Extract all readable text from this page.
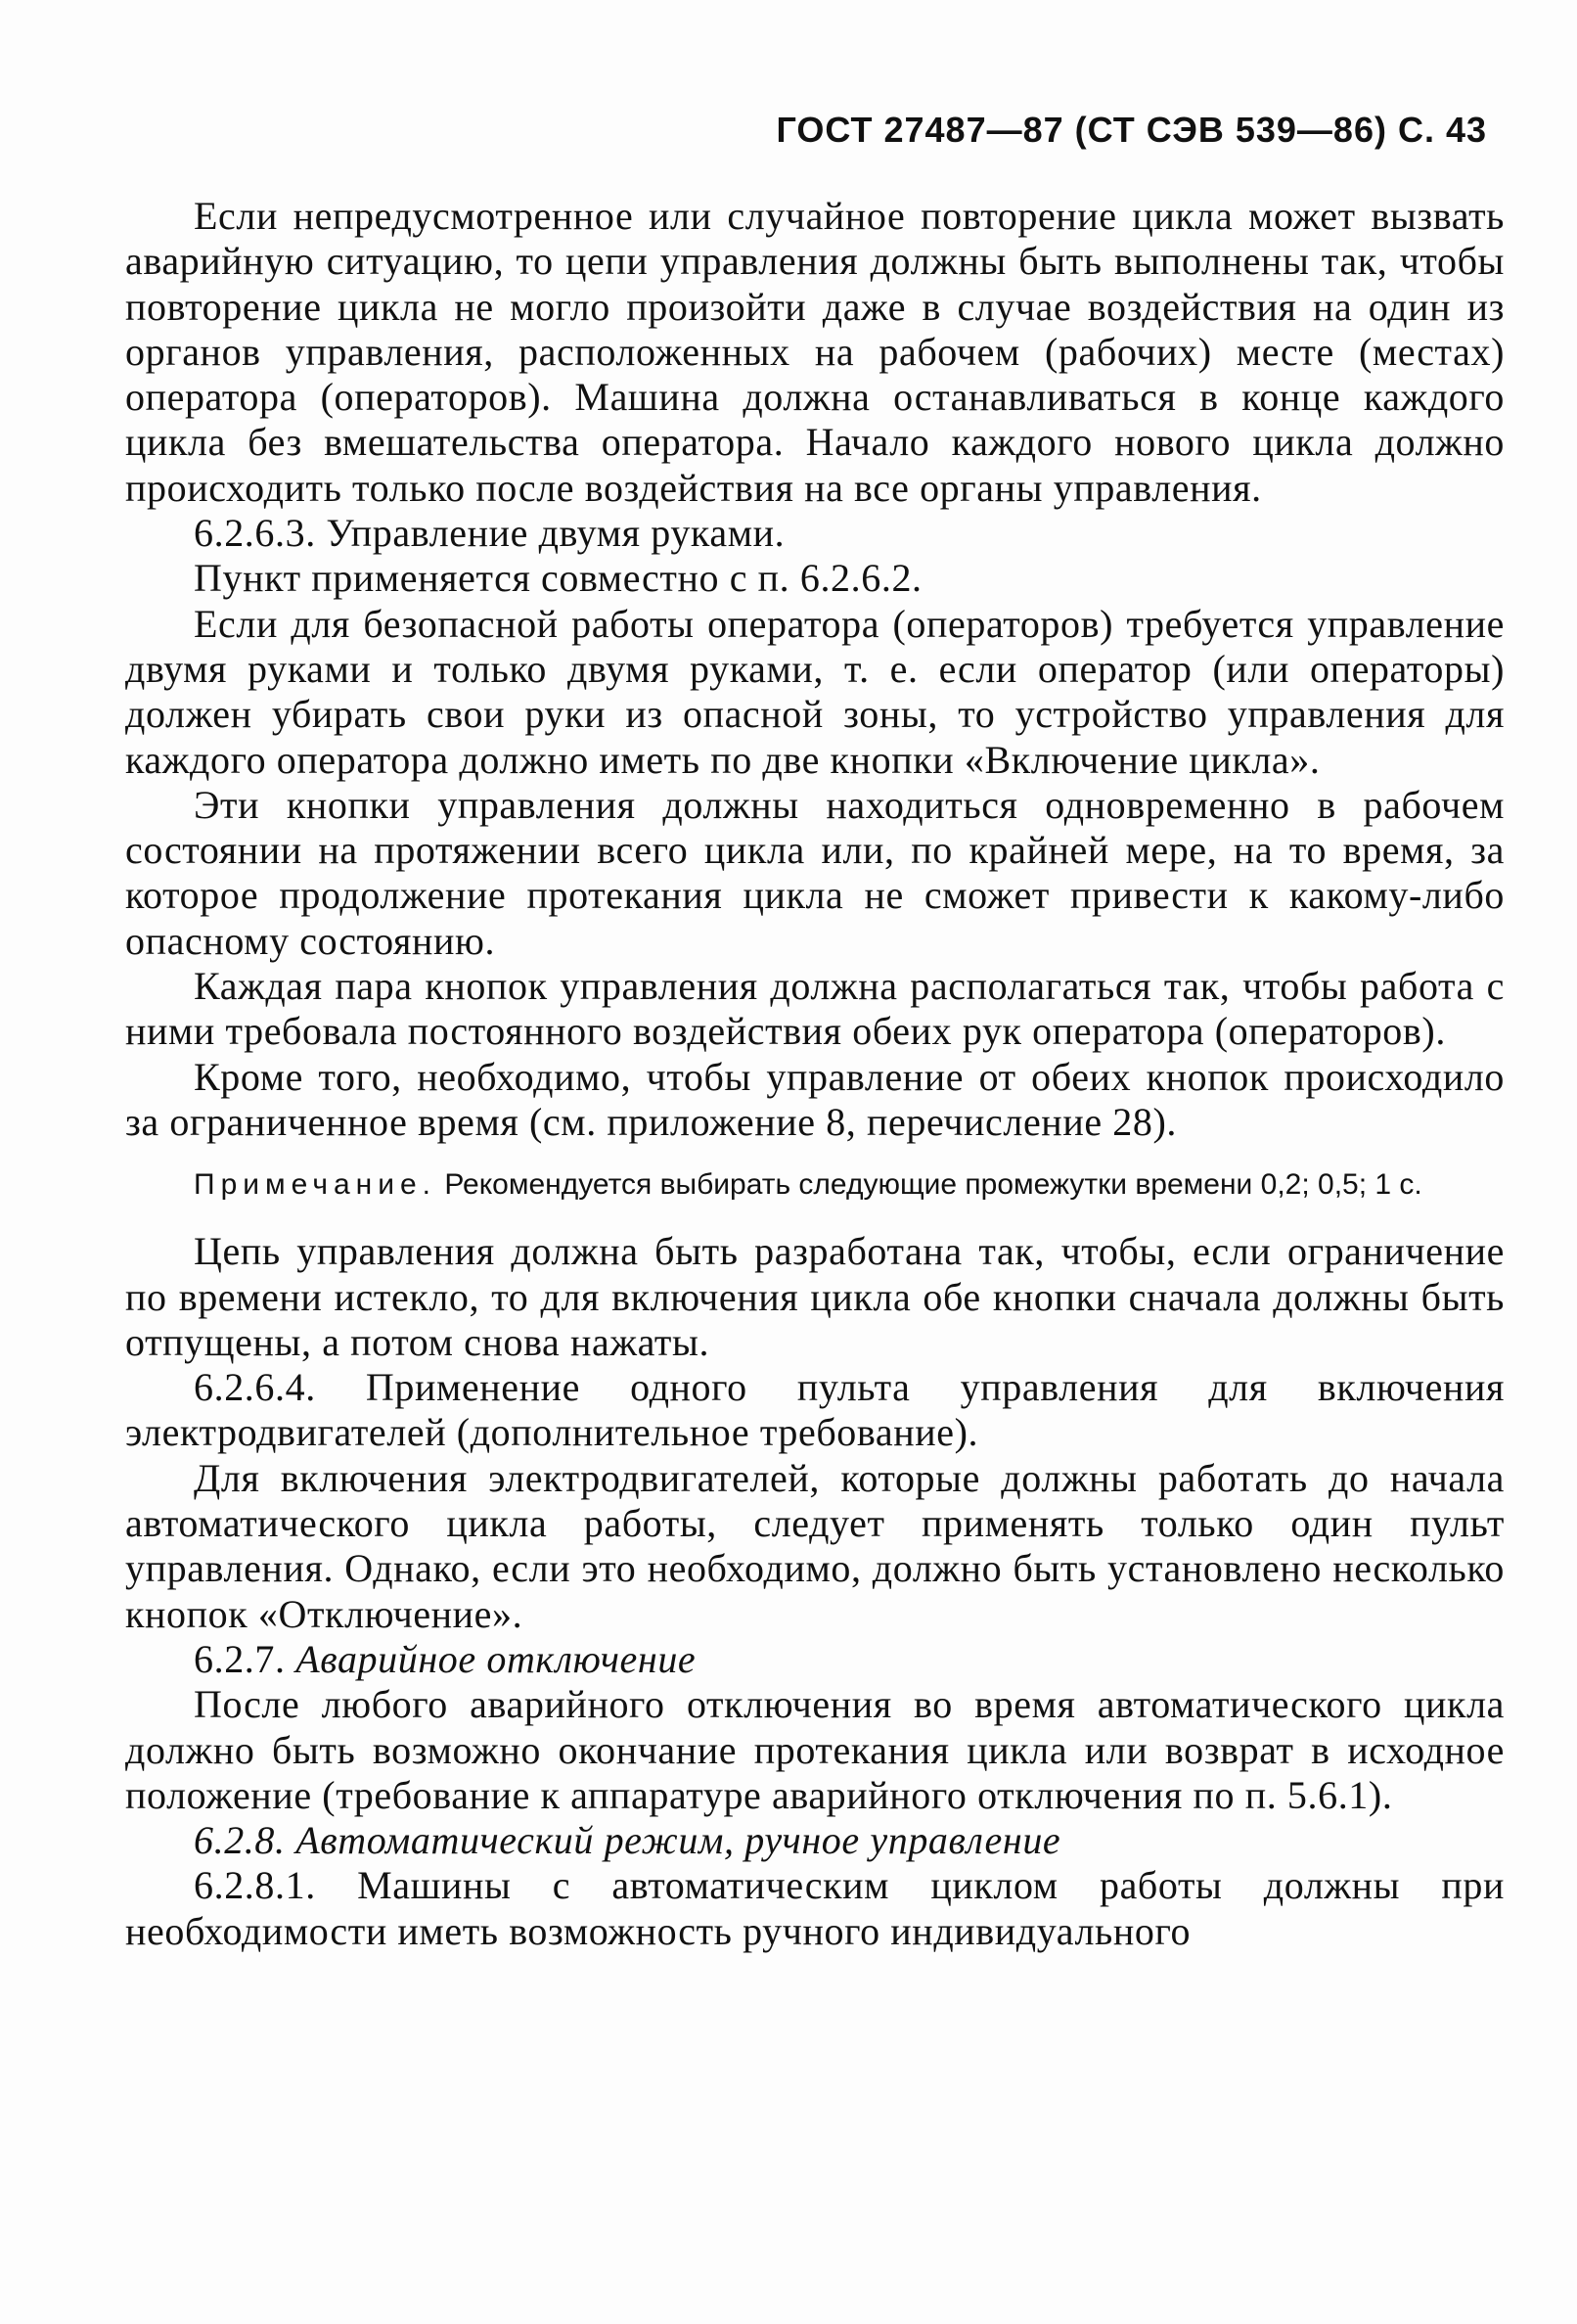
ГОСТ 27487—87 (СТ СЭВ 539—86) С. 43

Если непредусмотренное или случайное повторение цикла может вызвать аварийную ситуацию, то цепи управления должны быть выполнены так, чтобы повторение цикла не могло произойти даже в случае воздействия на один из органов управления, расположенных на рабочем (рабочих) месте (местах) оператора (операторов). Машина должна останавливаться в конце каждого цикла без вмешательства оператора. Начало каждого нового цикла должно происходить только после воздействия на все органы управления.

6.2.6.3. Управление двумя руками.

Пункт применяется совместно с п. 6.2.6.2.

Если для безопасной работы оператора (операторов) требуется управление двумя руками и только двумя руками, т. е. если оператор (или операторы) должен убирать свои руки из опасной зоны, то устройство управления для каждого оператора должно иметь по две кнопки «Включение цикла».

Эти кнопки управления должны находиться одновременно в рабочем состоянии на протяжении всего цикла или, по крайней мере, на то время, за которое продолжение протекания цикла не сможет привести к какому-либо опасному состоянию.

Каждая пара кнопок управления должна располагаться так, чтобы работа с ними требовала постоянного воздействия обеих рук оператора (операторов).

Кроме того, необходимо, чтобы управление от обеих кнопок происходило за ограниченное время (см. приложение 8, перечисление 28).

Примечание. Рекомендуется выбирать следующие промежутки времени 0,2; 0,5; 1 с.

Цепь управления должна быть разработана так, чтобы, если ограничение по времени истекло, то для включения цикла обе кнопки сначала должны быть отпущены, а потом снова нажаты.

6.2.6.4. Применение одного пульта управления для включения электродвигателей (дополнительное требование).

Для включения электродвигателей, которые должны работать до начала автоматического цикла работы, следует применять только один пульт управления. Однако, если это необходимо, должно быть установлено несколько кнопок «Отключение».

6.2.7. Аварийное отключение

После любого аварийного отключения во время автоматического цикла должно быть возможно окончание протекания цикла или возврат в исходное положение (требование к аппаратуре аварийного отключения по п. 5.6.1).

6.2.8. Автоматический режим, ручное управление

6.2.8.1. Машины с автоматическим циклом работы должны при необходимости иметь возможность ручного индивидуального
